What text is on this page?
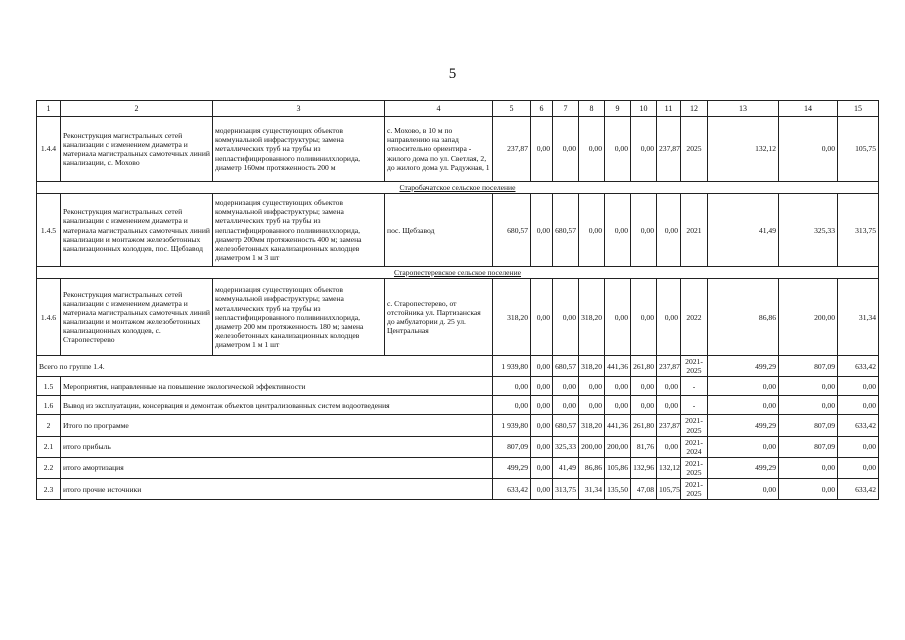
5
1	2	3	4	5	6	7	8	9	10	11	12	13	14	15
1.4.4	Реконструкция магистральных сетей канализации с изменением диаметра и материала магистральных самотечных линий канализации, с. Мохово	модернизация существующих объектов коммунальной инфраструктуры; замена металлических труб на трубы из непластифицированного поливинилхлорида, диаметр 160мм протяженность 200 м	с. Мохово, в 10 м по направлению на запад относительно ориентира - жилого дома по ул. Светлая, 2, до жилого дома ул. Радужная, 1	237,87	0,00	0,00	0,00	0,00	0,00	237,87	2025	132,12	0,00	105,75
Старобачатское сельское поселение														
1.4.5	Реконструкция магистральных сетей канализации с изменением диаметра и материала магистральных самотечных линий канализации и монтажом железобетонных канализационных колодцев, пос. Щебзавод	модернизация существующих объектов коммунальной инфраструктуры; замена металлических труб на трубы из непластифицированного поливинилхлорида, диаметр 200мм протяженность 400 м; замена железобетонных канализационных колодцев диаметром 1 м 3 шт	пос. Щебзавод	680,57	0,00	680,57	0,00	0,00	0,00	0,00	2021	41,49	325,33	313,75
Старопестеревское сельское поселение														
1.4.6	Реконструкция магистральных сетей канализации с изменением диаметра и материала магистральных самотечных линий канализации и монтажом железобетонных канализационных колодцев, с. Старопестерево	модернизация существующих объектов коммунальной инфраструктуры; замена металлических труб на трубы из непластифицированного поливинилхлорида, диаметр 200 мм протяженность 180 м; замена железобетонных канализационных колодцев диаметром 1 м 1 шт	с. Старопестерево, от отстойника ул. Партизанская до амбулатории д. 25 ул. Центральная	318,20	0,00	0,00	318,20	0,00	0,00	0,00	2022	86,86	200,00	31,34
Всего по группе 1.4.				1 939,80	0,00	680,57	318,20	441,36	261,80	237,87	2021-2025	499,29	807,09	633,42
1.5	Мероприятия, направленные на повышение экологической эффективности			0,00	0,00	0,00	0,00	0,00	0,00	0,00	-	0,00	0,00	0,00
1.6	Вывод из эксплуатации, консервация и демонтаж объектов централизованных систем водоотведения			0,00	0,00	0,00	0,00	0,00	0,00	0,00	-	0,00	0,00	0,00
2	Итого по программе			1 939,80	0,00	680,57	318,20	441,36	261,80	237,87	2021-2025	499,29	807,09	633,42
2.1	итого прибыль			807,09	0,00	325,33	200,00	200,00	81,76	0,00	2021-2024	0,00	807,09	0,00
2.2	итого амортизация			499,29	0,00	41,49	86,86	105,86	132,96	132,12	2021-2025	499,29	0,00	0,00
2.3	итого прочие источники			633,42	0,00	313,75	31,34	135,50	47,08	105,75	2021-2025	0,00	0,00	633,42
